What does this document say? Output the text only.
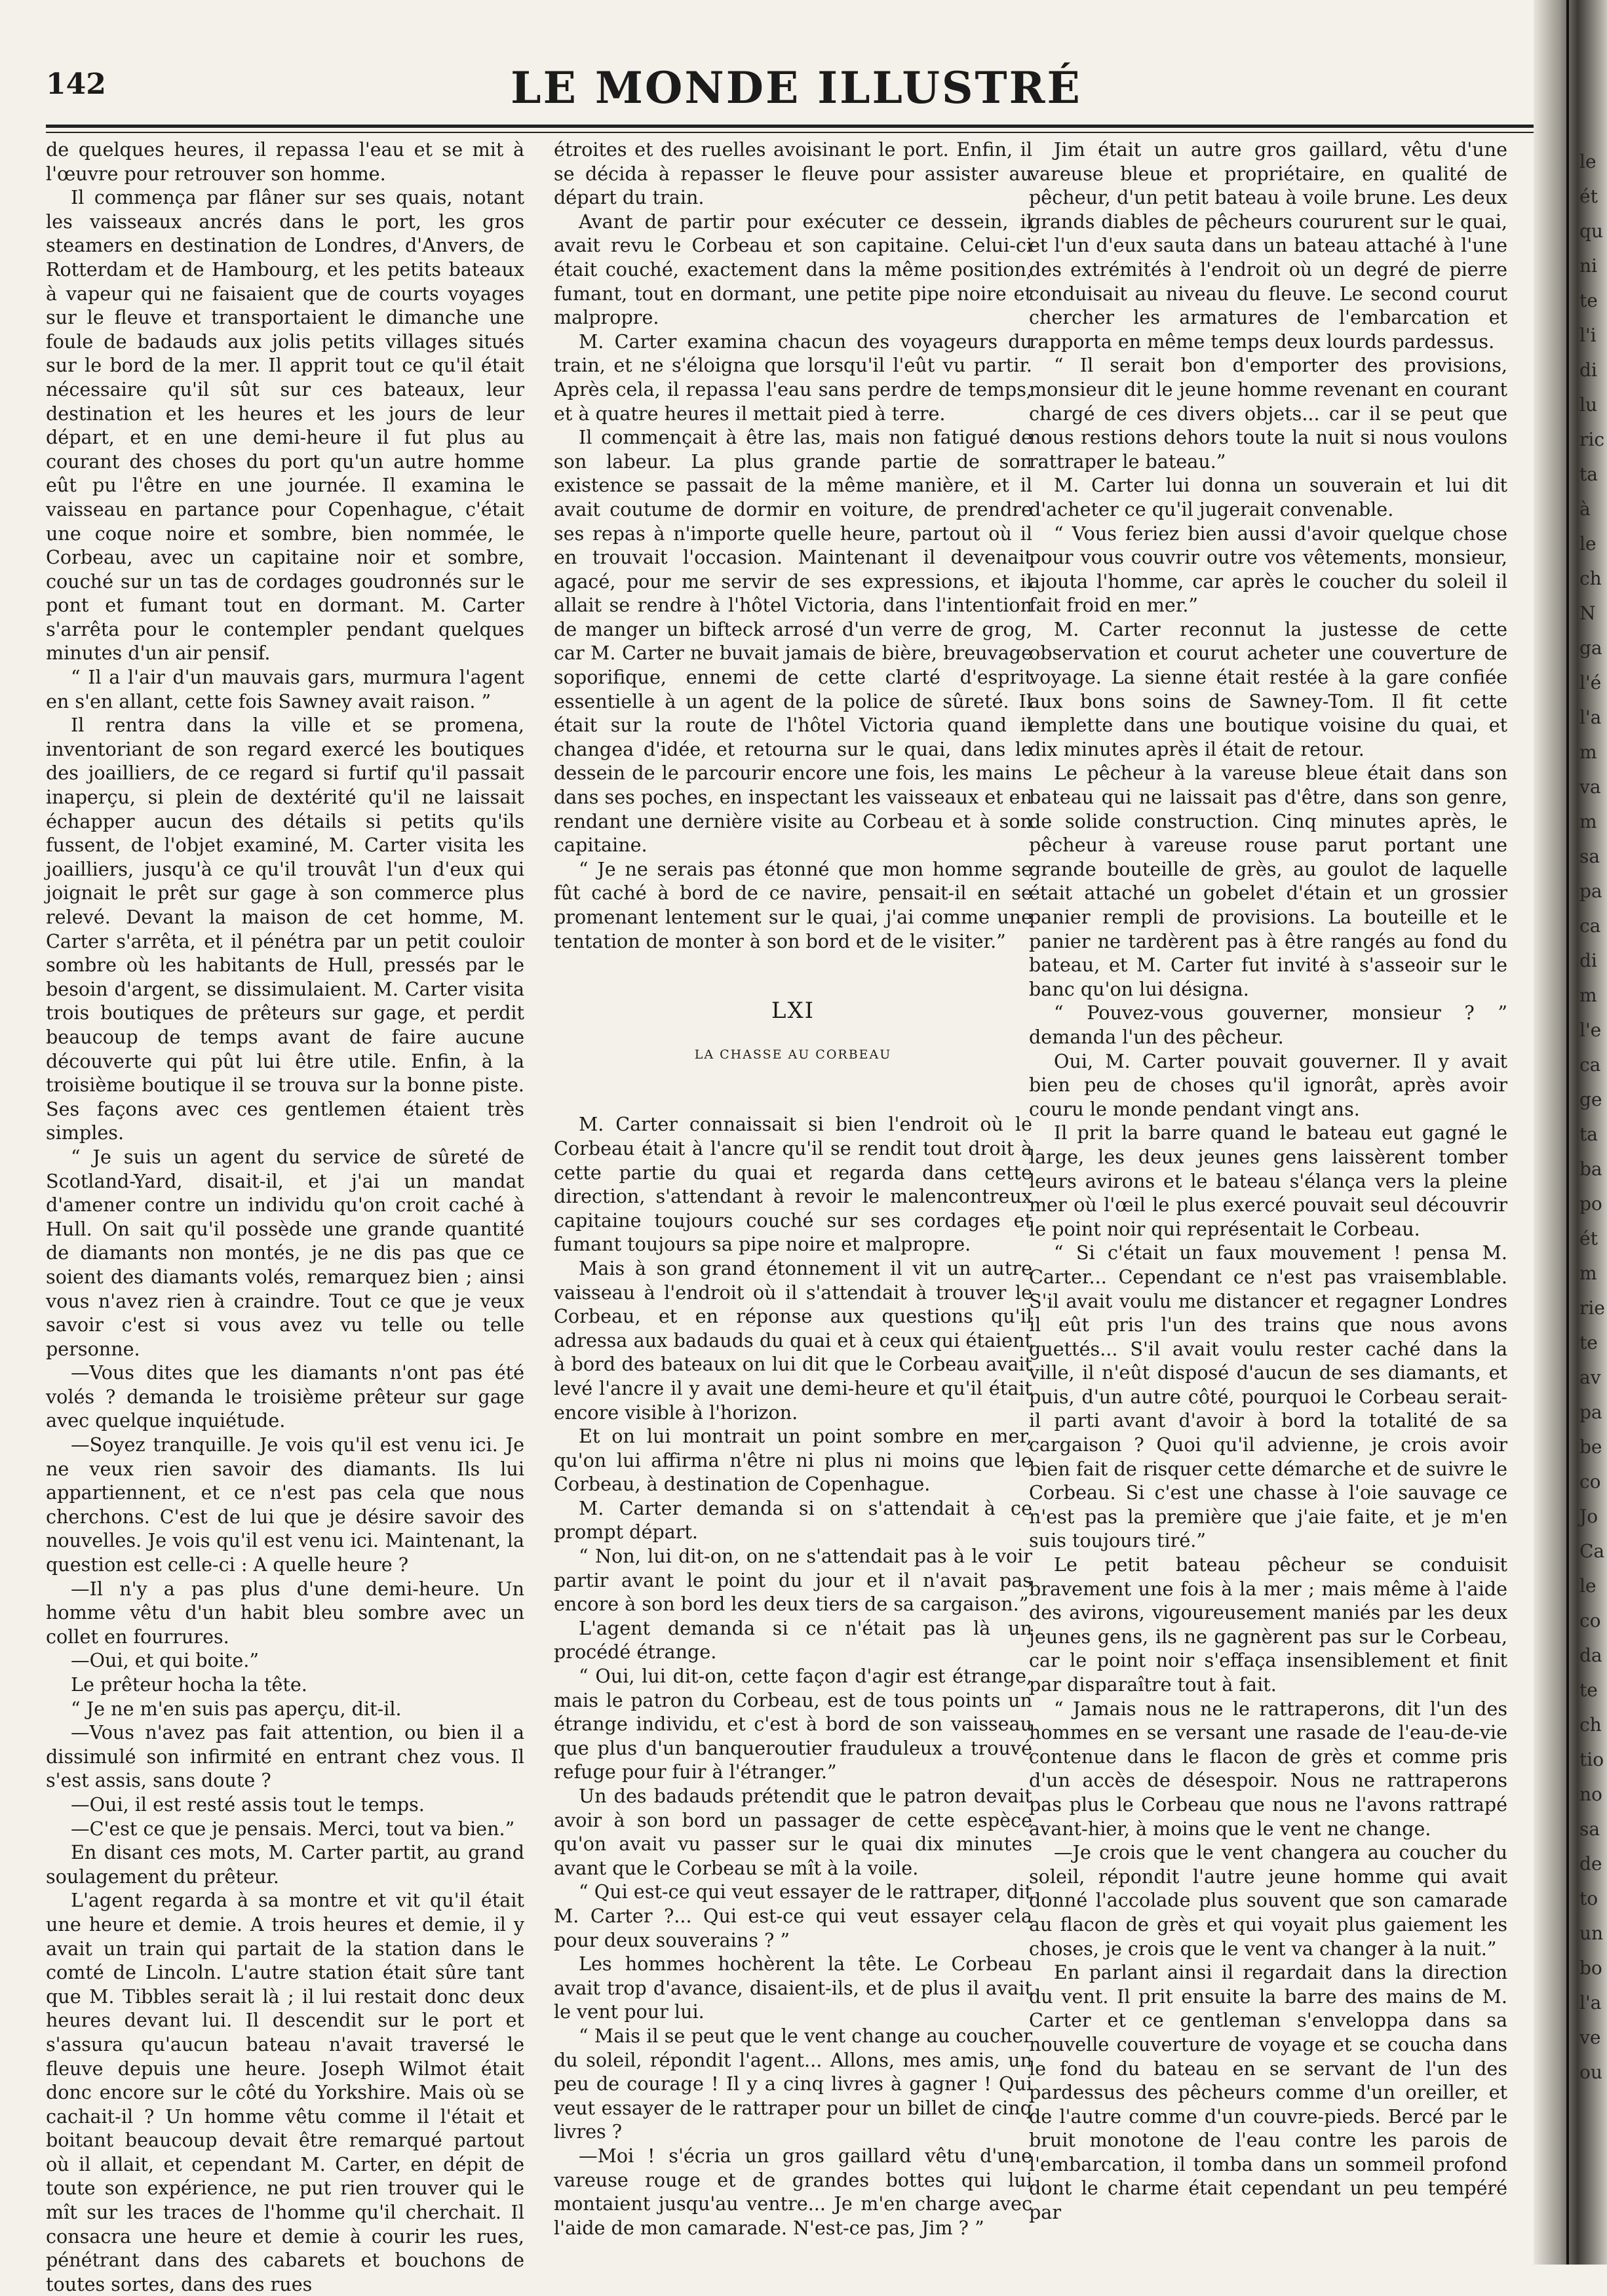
142	LE MONDE ILLUSTRÉ

de quelques heures, il repassa l'eau et se mit à l'œuvre pour retrouver son homme.

Il commença par flâner sur ses quais, notant les vaisseaux ancrés dans le port, les gros steamers en destination de Londres, d'Anvers, de Rotterdam et de Hambourg, et les petits bateaux à vapeur qui ne faisaient que de courts voyages sur le fleuve et transportaient le dimanche une foule de badauds aux jolis petits villages situés sur le bord de la mer. Il apprit tout ce qu'il était nécessaire qu'il sût sur ces bateaux, leur destination et les heures et les jours de leur départ, et en une demi-heure il fut plus au courant des choses du port qu'un autre homme eût pu l'être en une journée. Il examina le vaisseau en partance pour Copenhague, c'était une coque noire et sombre, bien nommée, le Corbeau, avec un capitaine noir et sombre, couché sur un tas de cordages goudronnés sur le pont et fumant tout en dormant. M. Carter s'arrêta pour le contempler pendant quelques minutes d'un air pensif.

“ Il a l'air d'un mauvais gars, murmura l'agent en s'en allant, cette fois Sawney avait raison. ”

Il rentra dans la ville et se promena, inventoriant de son regard exercé les boutiques des joailliers, de ce regard si furtif qu'il passait inaperçu, si plein de dextérité qu'il ne laissait échapper aucun des détails si petits qu'ils fussent, de l'objet examiné, M. Carter visita les joailliers, jusqu'à ce qu'il trouvât l'un d'eux qui joignait le prêt sur gage à son commerce plus relevé. Devant la maison de cet homme, M. Carter s'arrêta, et il pénétra par un petit couloir sombre où les habitants de Hull, pressés par le besoin d'argent, se dissimulaient. M. Carter visita trois boutiques de prêteurs sur gage, et perdit beaucoup de temps avant de faire aucune découverte qui pût lui être utile. Enfin, à la troisième boutique il se trouva sur la bonne piste. Ses façons avec ces gentlemen étaient très simples.

“ Je suis un agent du service de sûreté de Scotland-Yard, disait-il, et j'ai un mandat d'amener contre un individu qu'on croit caché à Hull. On sait qu'il possède une grande quantité de diamants non montés, je ne dis pas que ce soient des diamants volés, remarquez bien ; ainsi vous n'avez rien à craindre. Tout ce que je veux savoir c'est si vous avez vu telle ou telle personne.

—Vous dites que les diamants n'ont pas été volés ? demanda le troisième prêteur sur gage avec quelque inquiétude.

—Soyez tranquille. Je vois qu'il est venu ici. Je ne veux rien savoir des diamants. Ils lui appartiennent, et ce n'est pas cela que nous cherchons. C'est de lui que je désire savoir des nouvelles. Je vois qu'il est venu ici. Maintenant, la question est celle-ci : A quelle heure ?

—Il n'y a pas plus d'une demi-heure. Un homme vêtu d'un habit bleu sombre avec un collet en fourrures.

—Oui, et qui boite.”

Le prêteur hocha la tête.

“ Je ne m'en suis pas aperçu, dit-il.

—Vous n'avez pas fait attention, ou bien il a dissimulé son infirmité en entrant chez vous. Il s'est assis, sans doute ?

—Oui, il est resté assis tout le temps.

—C'est ce que je pensais. Merci, tout va bien.”

En disant ces mots, M. Carter partit, au grand soulagement du prêteur.

L'agent regarda à sa montre et vit qu'il était une heure et demie. A trois heures et demie, il y avait un train qui partait de la station dans le comté de Lincoln. L'autre station était sûre tant que M. Tibbles serait là ; il lui restait donc deux heures devant lui. Il descendit sur le port et s'assura qu'aucun bateau n'avait traversé le fleuve depuis une heure. Joseph Wilmot était donc encore sur le côté du Yorkshire. Mais où se cachait-il ? Un homme vêtu comme il l'était et boitant beaucoup devait être remarqué partout où il allait, et cependant M. Carter, en dépit de toute son expérience, ne put rien trouver qui le mît sur les traces de l'homme qu'il cherchait. Il consacra une heure et demie à courir les rues, pénétrant dans des cabarets et bouchons de toutes sortes, dans des rues

étroites et des ruelles avoisinant le port. Enfin, il se décida à repasser le fleuve pour assister au départ du train.

Avant de partir pour exécuter ce dessein, il avait revu le Corbeau et son capitaine. Celui-ci était couché, exactement dans la même position, fumant, tout en dormant, une petite pipe noire et malpropre.

M. Carter examina chacun des voyageurs du train, et ne s'éloigna que lorsqu'il l'eût vu partir. Après cela, il repassa l'eau sans perdre de temps, et à quatre heures il mettait pied à terre.

Il commençait à être las, mais non fatigué de son labeur. La plus grande partie de son existence se passait de la même manière, et il avait coutume de dormir en voiture, de prendre ses repas à n'importe quelle heure, partout où il en trouvait l'occasion. Maintenant il devenait agacé, pour me servir de ses expressions, et il allait se rendre à l'hôtel Victoria, dans l'intention de manger un bifteck arrosé d'un verre de grog, car M. Carter ne buvait jamais de bière, breuvage soporifique, ennemi de cette clarté d'esprit essentielle à un agent de la police de sûreté. Il était sur la route de l'hôtel Victoria quand il changea d'idée, et retourna sur le quai, dans le dessein de le parcourir encore une fois, les mains dans ses poches, en inspectant les vaisseaux et en rendant une dernière visite au Corbeau et à son capitaine.

“ Je ne serais pas étonné que mon homme se fût caché à bord de ce navire, pensait-il en se promenant lentement sur le quai, j'ai comme une tentation de monter à son bord et de le visiter.”

LXI
LA CHASSE AU CORBEAU

M. Carter connaissait si bien l'endroit où le Corbeau était à l'ancre qu'il se rendit tout droit à cette partie du quai et regarda dans cette direction, s'attendant à revoir le malencontreux capitaine toujours couché sur ses cordages et fumant toujours sa pipe noire et malpropre.

Mais à son grand étonnement il vit un autre vaisseau à l'endroit où il s'attendait à trouver le Corbeau, et en réponse aux questions qu'il adressa aux badauds du quai et à ceux qui étaient à bord des bateaux on lui dit que le Corbeau avait levé l'ancre il y avait une demi-heure et qu'il était encore visible à l'horizon.

Et on lui montrait un point sombre en mer, qu'on lui affirma n'être ni plus ni moins que le Corbeau, à destination de Copenhague.

M. Carter demanda si on s'attendait à ce prompt départ.

“ Non, lui dit-on, on ne s'attendait pas à le voir partir avant le point du jour et il n'avait pas encore à son bord les deux tiers de sa cargaison.”

L'agent demanda si ce n'était pas là un procédé étrange.

“ Oui, lui dit-on, cette façon d'agir est étrange, mais le patron du Corbeau, est de tous points un étrange individu, et c'est à bord de son vaisseau que plus d'un banqueroutier frauduleux a trouvé refuge pour fuir à l'étranger.”

Un des badauds prétendit que le patron devait avoir à son bord un passager de cette espèce qu'on avait vu passer sur le quai dix minutes avant que le Corbeau se mît à la voile.

“ Qui est-ce qui veut essayer de le rattraper, dit M. Carter ?... Qui est-ce qui veut essayer cela pour deux souverains ? ”

Les hommes hochèrent la tête. Le Corbeau avait trop d'avance, disaient-ils, et de plus il avait le vent pour lui.

“ Mais il se peut que le vent change au coucher du soleil, répondit l'agent... Allons, mes amis, un peu de courage ! Il y a cinq livres à gagner ! Qui veut essayer de le rattraper pour un billet de cinq livres ?

—Moi ! s'écria un gros gaillard vêtu d'une vareuse rouge et de grandes bottes qui lui montaient jusqu'au ventre... Je m'en charge avec l'aide de mon camarade. N'est-ce pas, Jim ? ”

Jim était un autre gros gaillard, vêtu d'une vareuse bleue et propriétaire, en qualité de pêcheur, d'un petit bateau à voile brune. Les deux grands diables de pêcheurs coururent sur le quai, et l'un d'eux sauta dans un bateau attaché à l'une des extrémités à l'endroit où un degré de pierre conduisait au niveau du fleuve. Le second courut chercher les armatures de l'embarcation et rapporta en même temps deux lourds pardessus.

“ Il serait bon d'emporter des provisions, monsieur dit le jeune homme revenant en courant chargé de ces divers objets... car il se peut que nous restions dehors toute la nuit si nous voulons rattraper le bateau.”

M. Carter lui donna un souverain et lui dit d'acheter ce qu'il jugerait convenable.

“ Vous feriez bien aussi d'avoir quelque chose pour vous couvrir outre vos vêtements, monsieur, ajouta l'homme, car après le coucher du soleil il fait froid en mer.”

M. Carter reconnut la justesse de cette observation et courut acheter une couverture de voyage. La sienne était restée à la gare confiée aux bons soins de Sawney-Tom. Il fit cette emplette dans une boutique voisine du quai, et dix minutes après il était de retour.

Le pêcheur à la vareuse bleue était dans son bateau qui ne laissait pas d'être, dans son genre, de solide construction. Cinq minutes après, le pêcheur à vareuse rouse parut portant une grande bouteille de grès, au goulot de laquelle était attaché un gobelet d'étain et un grossier panier rempli de provisions. La bouteille et le panier ne tardèrent pas à être rangés au fond du bateau, et M. Carter fut invité à s'asseoir sur le banc qu'on lui désigna.

“ Pouvez-vous gouverner, monsieur ? ” demanda l'un des pêcheur.

Oui, M. Carter pouvait gouverner. Il y avait bien peu de choses qu'il ignorât, après avoir couru le monde pendant vingt ans.

Il prit la barre quand le bateau eut gagné le large, les deux jeunes gens laissèrent tomber leurs avirons et le bateau s'élança vers la pleine mer où l'œil le plus exercé pouvait seul découvrir le point noir qui représentait le Corbeau.

“ Si c'était un faux mouvement ! pensa M. Carter... Cependant ce n'est pas vraisemblable. S'il avait voulu me distancer et regagner Londres il eût pris l'un des trains que nous avons guettés... S'il avait voulu rester caché dans la ville, il n'eût disposé d'aucun de ses diamants, et puis, d'un autre côté, pourquoi le Corbeau serait-il parti avant d'avoir à bord la totalité de sa cargaison ? Quoi qu'il advienne, je crois avoir bien fait de risquer cette démarche et de suivre le Corbeau. Si c'est une chasse à l'oie sauvage ce n'est pas la première que j'aie faite, et je m'en suis toujours tiré.”

Le petit bateau pêcheur se conduisit bravement une fois à la mer ; mais même à l'aide des avirons, vigoureusement maniés par les deux jeunes gens, ils ne gagnèrent pas sur le Corbeau, car le point noir s'effaça insensiblement et finit par disparaître tout à fait.

“ Jamais nous ne le rattraperons, dit l'un des hommes en se versant une rasade de l'eau-de-vie contenue dans le flacon de grès et comme pris d'un accès de désespoir. Nous ne rattraperons pas plus le Corbeau que nous ne l'avons rattrapé avant-hier, à moins que le vent ne change.

—Je crois que le vent changera au coucher du soleil, répondit l'autre jeune homme qui avait donné l'accolade plus souvent que son camarade au flacon de grès et qui voyait plus gaiement les choses, je crois que le vent va changer à la nuit.”

En parlant ainsi il regardait dans la direction du vent. Il prit ensuite la barre des mains de M. Carter et ce gentleman s'enveloppa dans sa nouvelle couverture de voyage et se coucha dans le fond du bateau en se servant de l'un des pardessus des pêcheurs comme d'un oreiller, et de l'autre comme d'un couvre-pieds. Bercé par le bruit monotone de l'eau contre les parois de l'embarcation, il tomba dans un sommeil profond dont le charme était cependant un peu tempéré par

le
ét
qu
ni
te
l'i
di
lu
ric
ta
à
le
ch
N
ga
l'é
l'a
m
va
m
sa
pa
ca
di
m
l'e
ca
ge
ta
ba
po
ét
m
rie
te
av
pa
be
co
Jo
Ca
le
co
da
te
ch
tio
no
sa
de
to
un
bo
l'a
ve
ou
